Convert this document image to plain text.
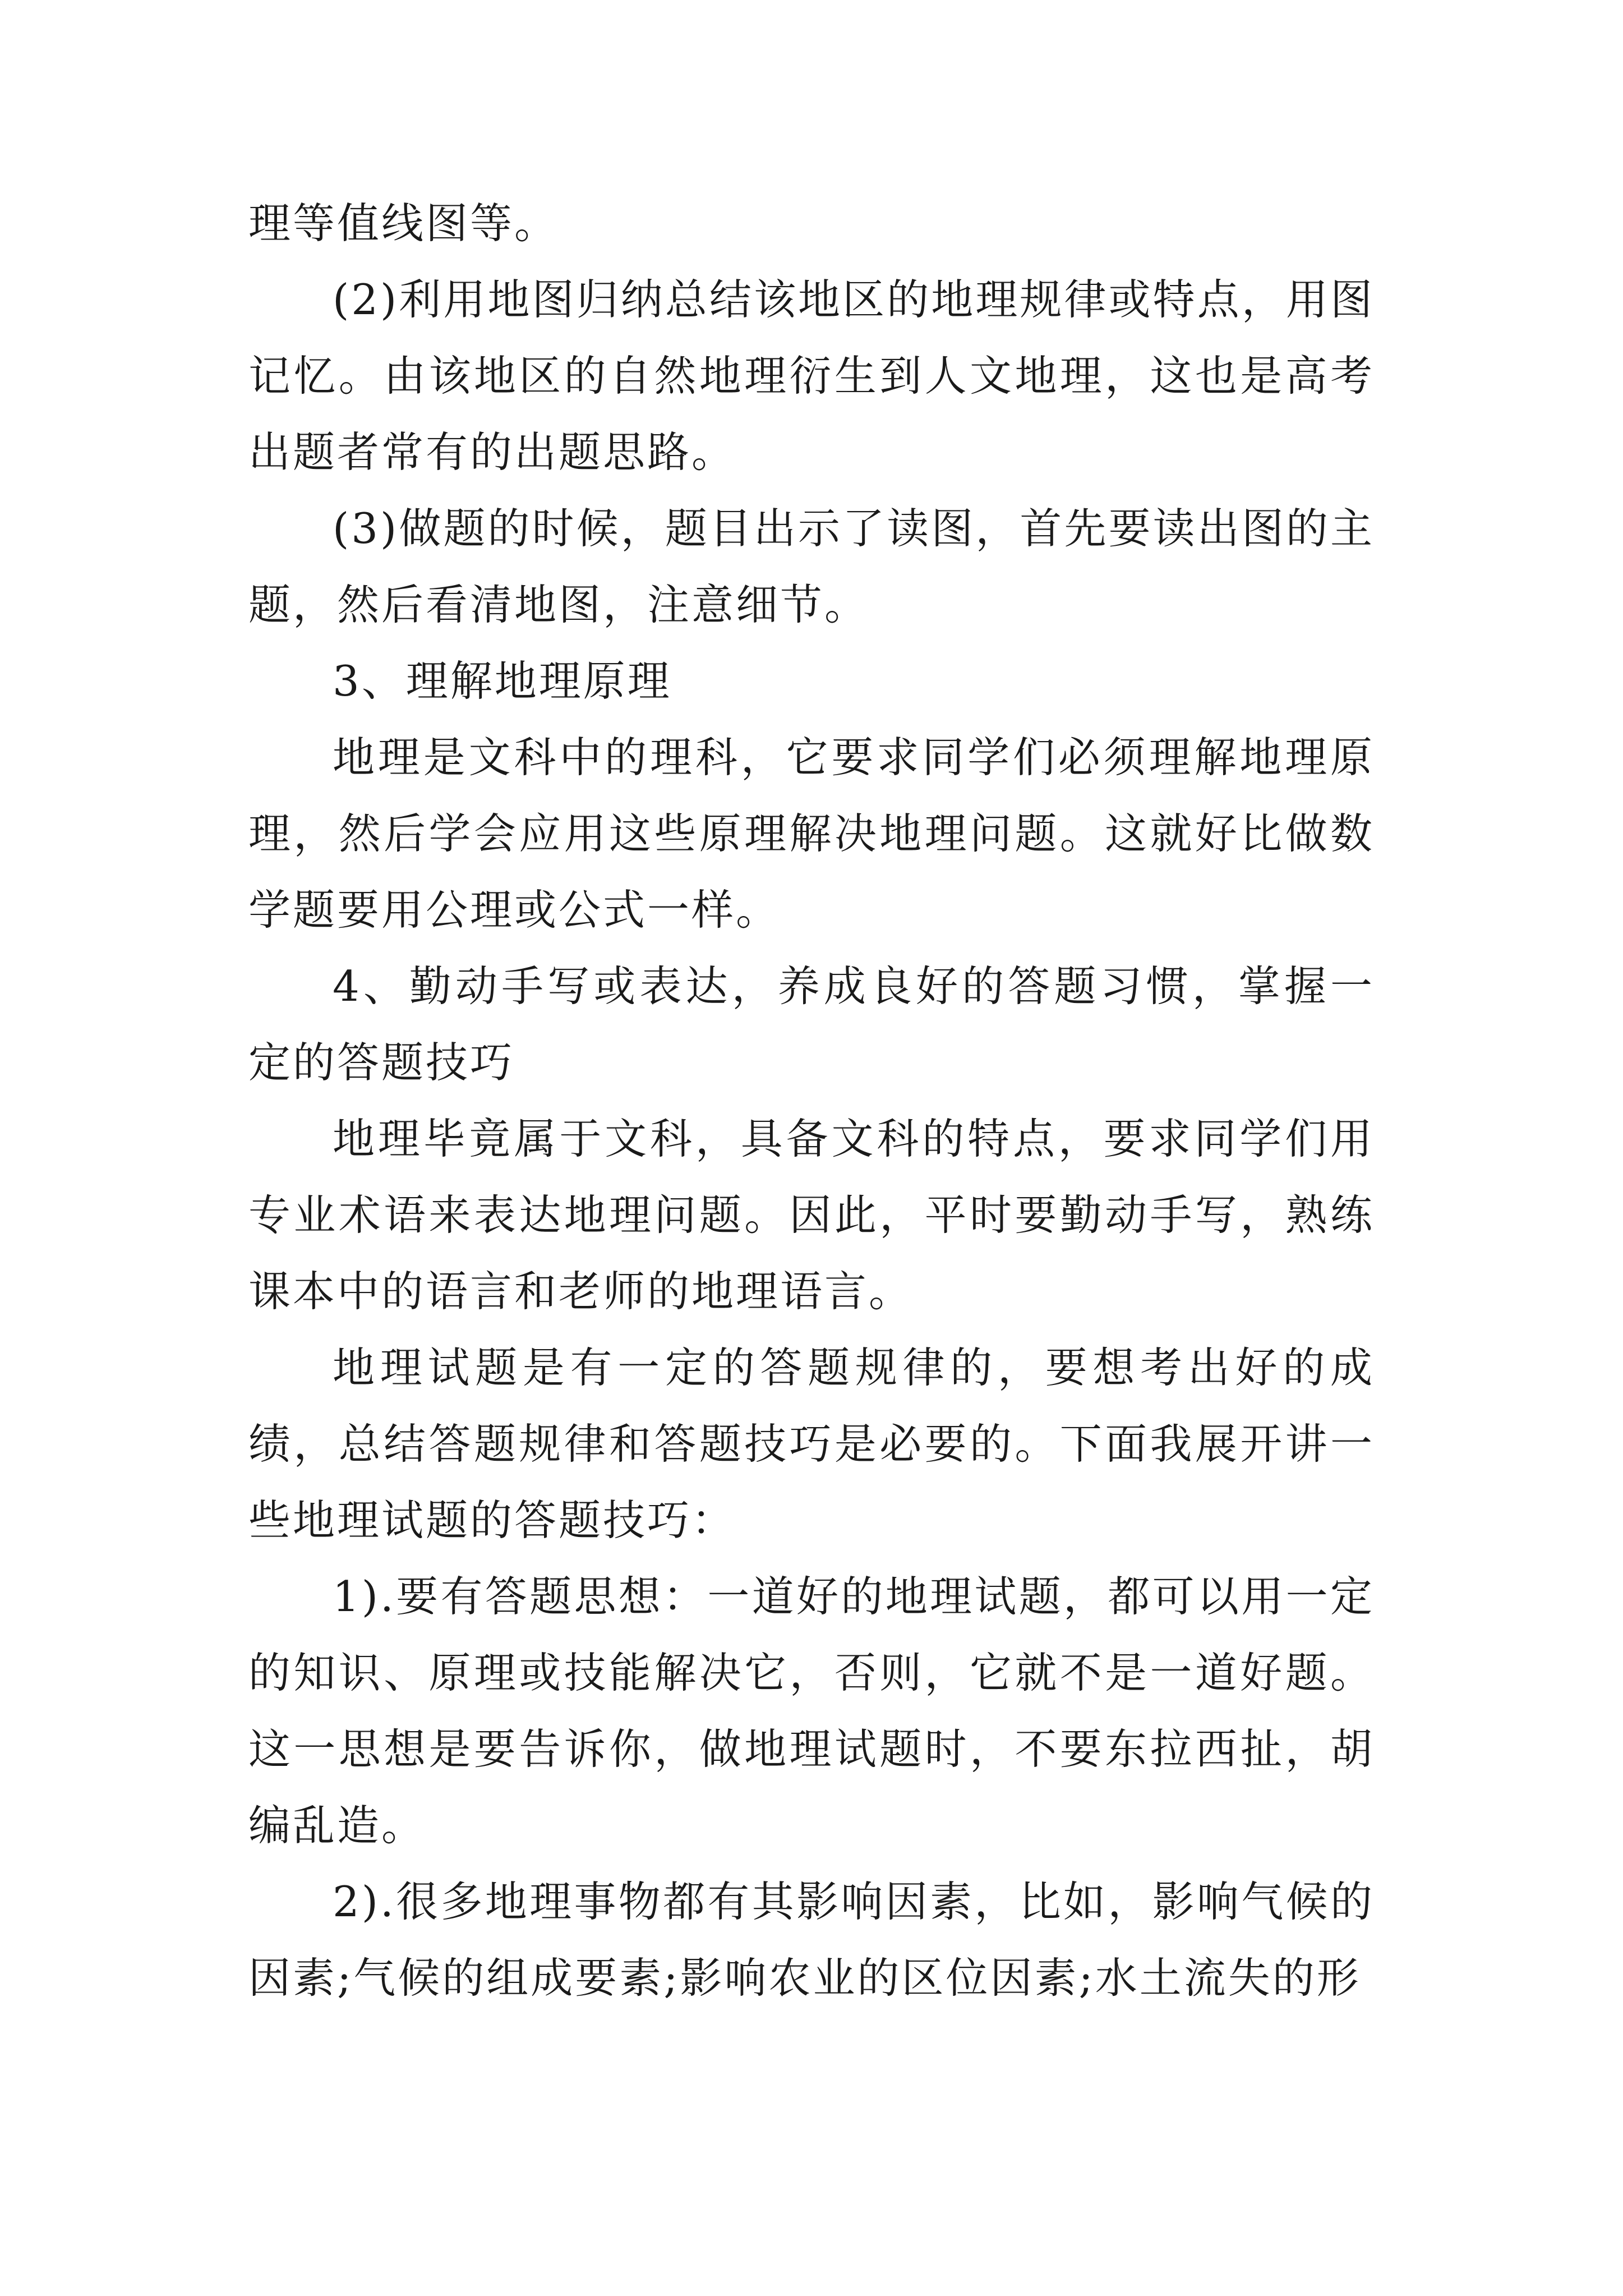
理等值线图等。

(2)利用地图归纳总结该地区的地理规律或特点，用图记忆。由该地区的自然地理衍生到人文地理，这也是高考出题者常有的出题思路。

(3)做题的时候，题目出示了读图，首先要读出图的主题，然后看清地图，注意细节。

3、理解地理原理

地理是文科中的理科，它要求同学们必须理解地理原理，然后学会应用这些原理解决地理问题。这就好比做数学题要用公理或公式一样。

4、勤动手写或表达，养成良好的答题习惯，掌握一定的答题技巧

地理毕竟属于文科，具备文科的特点，要求同学们用专业术语来表达地理问题。因此，平时要勤动手写，熟练课本中的语言和老师的地理语言。

地理试题是有一定的答题规律的，要想考出好的成绩，总结答题规律和答题技巧是必要的。下面我展开讲一些地理试题的答题技巧：

1).要有答题思想：一道好的地理试题，都可以用一定的知识、原理或技能解决它，否则，它就不是一道好题。这一思想是要告诉你，做地理试题时，不要东拉西扯，胡编乱造。

2).很多地理事物都有其影响因素，比如，影响气候的因素;气候的组成要素;影响农业的区位因素;水土流失的形
